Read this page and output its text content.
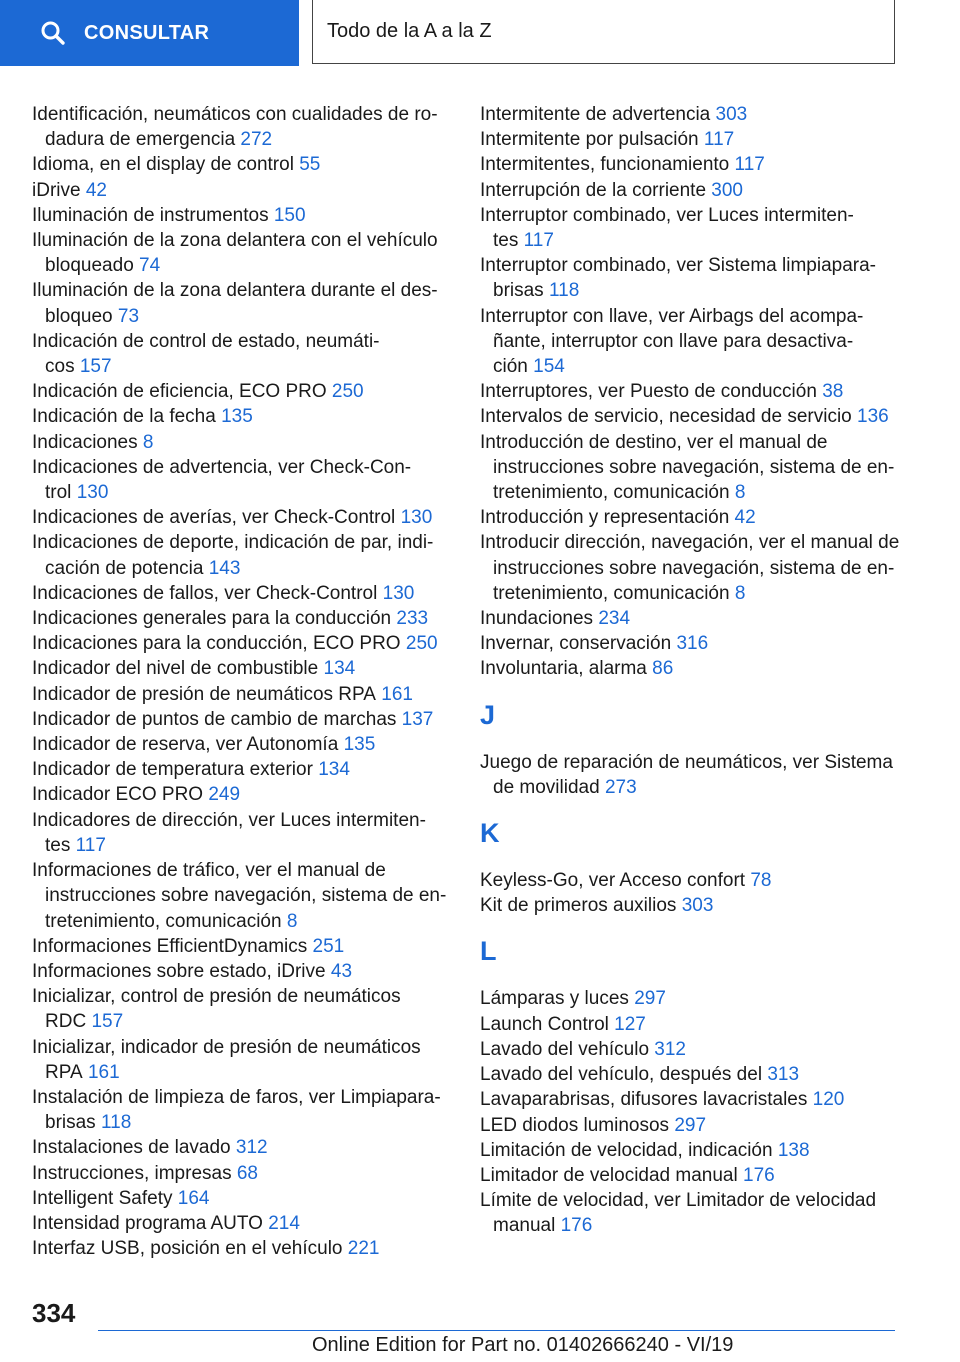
CONSULTAR	Todo de la A a la Z
Identificación, neumáticos con cualidades de ro‐
dadura de emergencia 272
Idioma, en el display de control 55
iDrive 42
Iluminación de instrumentos 150
Iluminación de la zona delantera con el vehículo
bloqueado 74
Iluminación de la zona delantera durante el des‐
bloqueo 73
Indicación de control de estado, neumáti‐
cos 157
Indicación de eficiencia, ECO PRO 250
Indicación de la fecha 135
Indicaciones 8
Indicaciones de advertencia, ver Check-Con‐
trol 130
Indicaciones de averías, ver Check-Control 130
Indicaciones de deporte, indicación de par, indi‐
cación de potencia 143
Indicaciones de fallos, ver Check-Control 130
Indicaciones generales para la conducción 233
Indicaciones para la conducción, ECO PRO 250
Indicador del nivel de combustible 134
Indicador de presión de neumáticos RPA 161
Indicador de puntos de cambio de marchas 137
Indicador de reserva, ver Autonomía 135
Indicador de temperatura exterior 134
Indicador ECO PRO 249
Indicadores de dirección, ver Luces intermiten‐
tes 117
Informaciones de tráfico, ver el manual de
instrucciones sobre navegación, sistema de en‐
tretenimiento, comunicación 8
Informaciones EfficientDynamics 251
Informaciones sobre estado, iDrive 43
Inicializar, control de presión de neumáticos
RDC 157
Inicializar, indicador de presión de neumáticos
RPA 161
Instalación de limpieza de faros, ver Limpiapara‐
brisas 118
Instalaciones de lavado 312
Instrucciones, impresas 68
Intelligent Safety 164
Intensidad programa AUTO 214
Interfaz USB, posición en el vehículo 221
Intermitente de advertencia 303
Intermitente por pulsación 117
Intermitentes, funcionamiento 117
Interrupción de la corriente 300
Interruptor combinado, ver Luces intermiten‐
tes 117
Interruptor combinado, ver Sistema limpiapara‐
brisas 118
Interruptor con llave, ver Airbags del acompa‐
ñante, interruptor con llave para desactiva‐
ción 154
Interruptores, ver Puesto de conducción 38
Intervalos de servicio, necesidad de servicio 136
Introducción de destino, ver el manual de
instrucciones sobre navegación, sistema de en‐
tretenimiento, comunicación 8
Introducción y representación 42
Introducir dirección, navegación, ver el manual de
instrucciones sobre navegación, sistema de en‐
tretenimiento, comunicación 8
Inundaciones 234
Invernar, conservación 316
Involuntaria, alarma 86
J
Juego de reparación de neumáticos, ver Sistema
de movilidad 273
K
Keyless-Go, ver Acceso confort 78
Kit de primeros auxilios 303
L
Lámparas y luces 297
Launch Control 127
Lavado del vehículo 312
Lavado del vehículo, después del 313
Lavaparabrisas, difusores lavacristales 120
LED diodos luminosos 297
Limitación de velocidad, indicación 138
Limitador de velocidad manual 176
Límite de velocidad, ver Limitador de velocidad
manual 176
334
Online Edition for Part no. 01402666240 - VI/19
